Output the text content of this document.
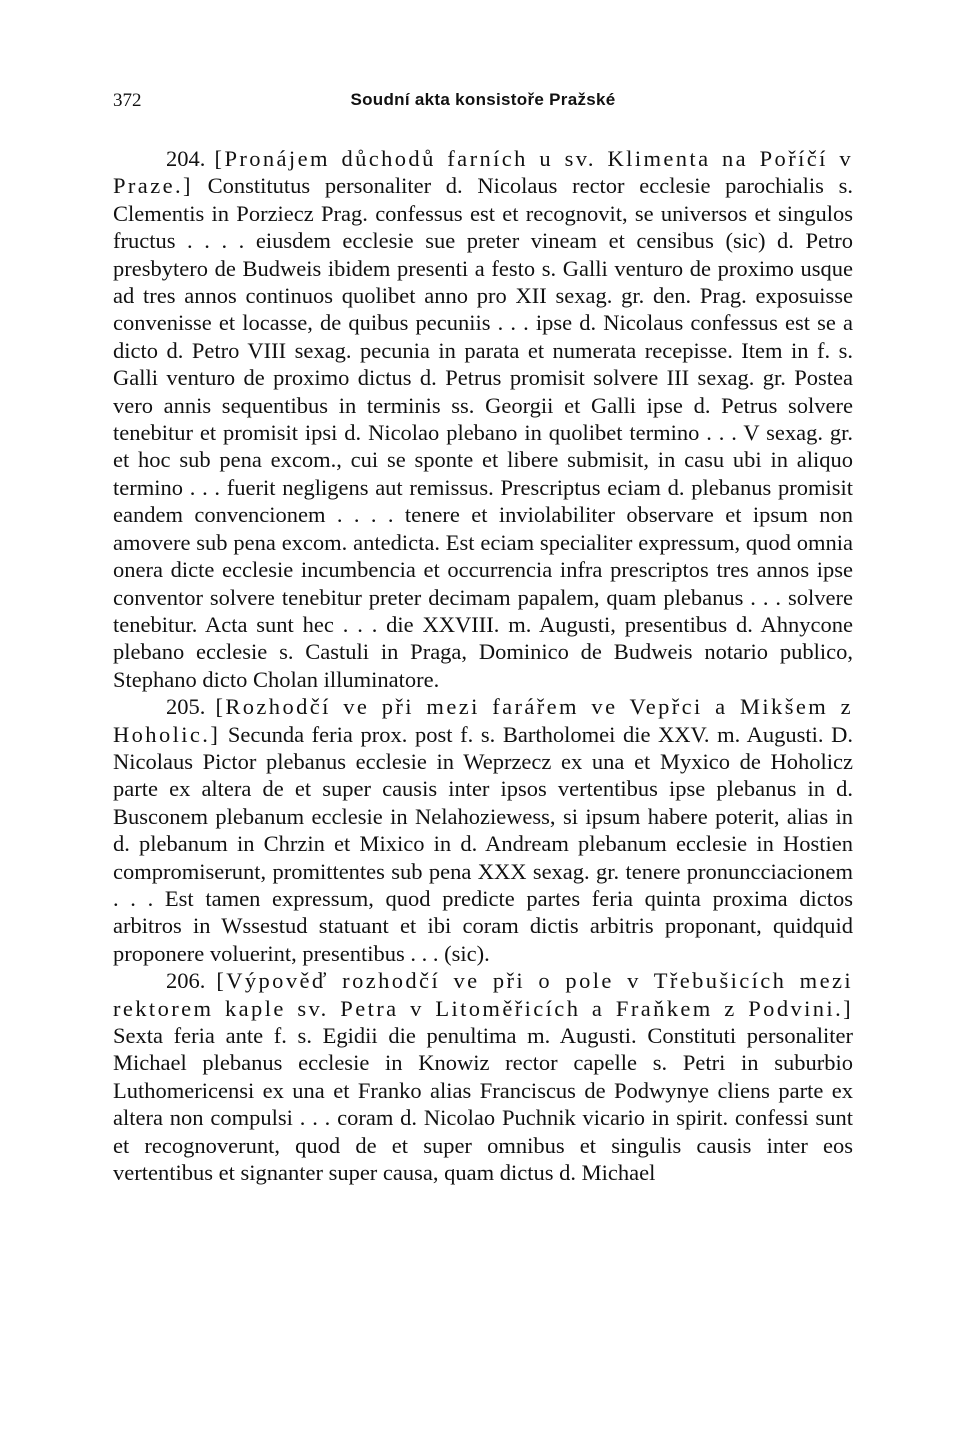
372	Soudní akta konsistoře Pražské

204. [Pronájem důchodů farních u sv. Klimenta na Poříčí v Praze.] Constitutus personaliter d. Nicolaus rector ecclesie parochialis s. Clementis in Porziecz Prag. confessus est et recognovit, se universos et singulos fructus . . . . eiusdem ecclesie sue preter vineam et censibus (sic) d. Petro presbytero de Budweis ibidem presenti a festo s. Galli venturo de proximo usque ad tres annos continuos quolibet anno pro XII sexag. gr. den. Prag. exposuisse convenisse et locasse, de quibus pecuniis . . . ipse d. Nicolaus confessus est se a dicto d. Petro VIII sexag. pecunia in parata et numerata recepisse. Item in f. s. Galli venturo de proximo dictus d. Petrus promisit solvere III sexag. gr. Postea vero annis sequentibus in terminis ss. Georgii et Galli ipse d. Petrus solvere tenebitur et promisit ipsi d. Nicolao plebano in quolibet termino . . . V sexag. gr. et hoc sub pena excom., cui se sponte et libere submisit, in casu ubi in aliquo termino . . . fuerit negligens aut remissus. Prescriptus eciam d. plebanus promisit eandem convencionem . . . . tenere et inviolabiliter observare et ipsum non amovere sub pena excom. antedicta. Est eciam specialiter expressum, quod omnia onera dicte ecclesie incumbencia et occurrencia infra prescriptos tres annos ipse conventor solvere tenebitur preter decimam papalem, quam plebanus . . . solvere tenebitur. Acta sunt hec . . . die XXVIII. m. Augusti, presentibus d. Ahnycone plebano ecclesie s. Castuli in Praga, Dominico de Budweis notario publico, Stephano dicto Cholan illuminatore.

205. [Rozhodčí ve při mezi farářem ve Vepřci a Mikšem z Hoholic.] Secunda feria prox. post f. s. Bartholomei die XXV. m. Augusti. D. Nicolaus Pictor plebanus ecclesie in Weprzecz ex una et Myxico de Hoholicz parte ex altera de et super causis inter ipsos vertentibus ipse plebanus in d. Busconem plebanum ecclesie in Nelahoziewess, si ipsum habere poterit, alias in d. plebanum in Chrzin et Mixico in d. Andream plebanum ecclesie in Hostien compromiserunt, promittentes sub pena XXX sexag. gr. tenere pronuncciacionem . . . Est tamen expressum, quod predicte partes feria quinta proxima dictos arbitros in Wssestud statuant et ibi coram dictis arbitris proponant, quidquid proponere voluerint, presentibus . . . (sic).

206. [Výpověď rozhodčí ve při o pole v Třebušicích mezi rektorem kaple sv. Petra v Litoměřicích a Fraňkem z Podvini.] Sexta feria ante f. s. Egidii die penultima m. Augusti. Constituti personaliter Michael plebanus ecclesie in Knowiz rector capelle s. Petri in suburbio Luthomericensi ex una et Franko alias Franciscus de Podwynye cliens parte ex altera non compulsi . . . coram d. Nicolao Puchnik vicario in spirit. confessi sunt et recognoverunt, quod de et super omnibus et singulis causis inter eos vertentibus et signanter super causa, quam dictus d. Michael
